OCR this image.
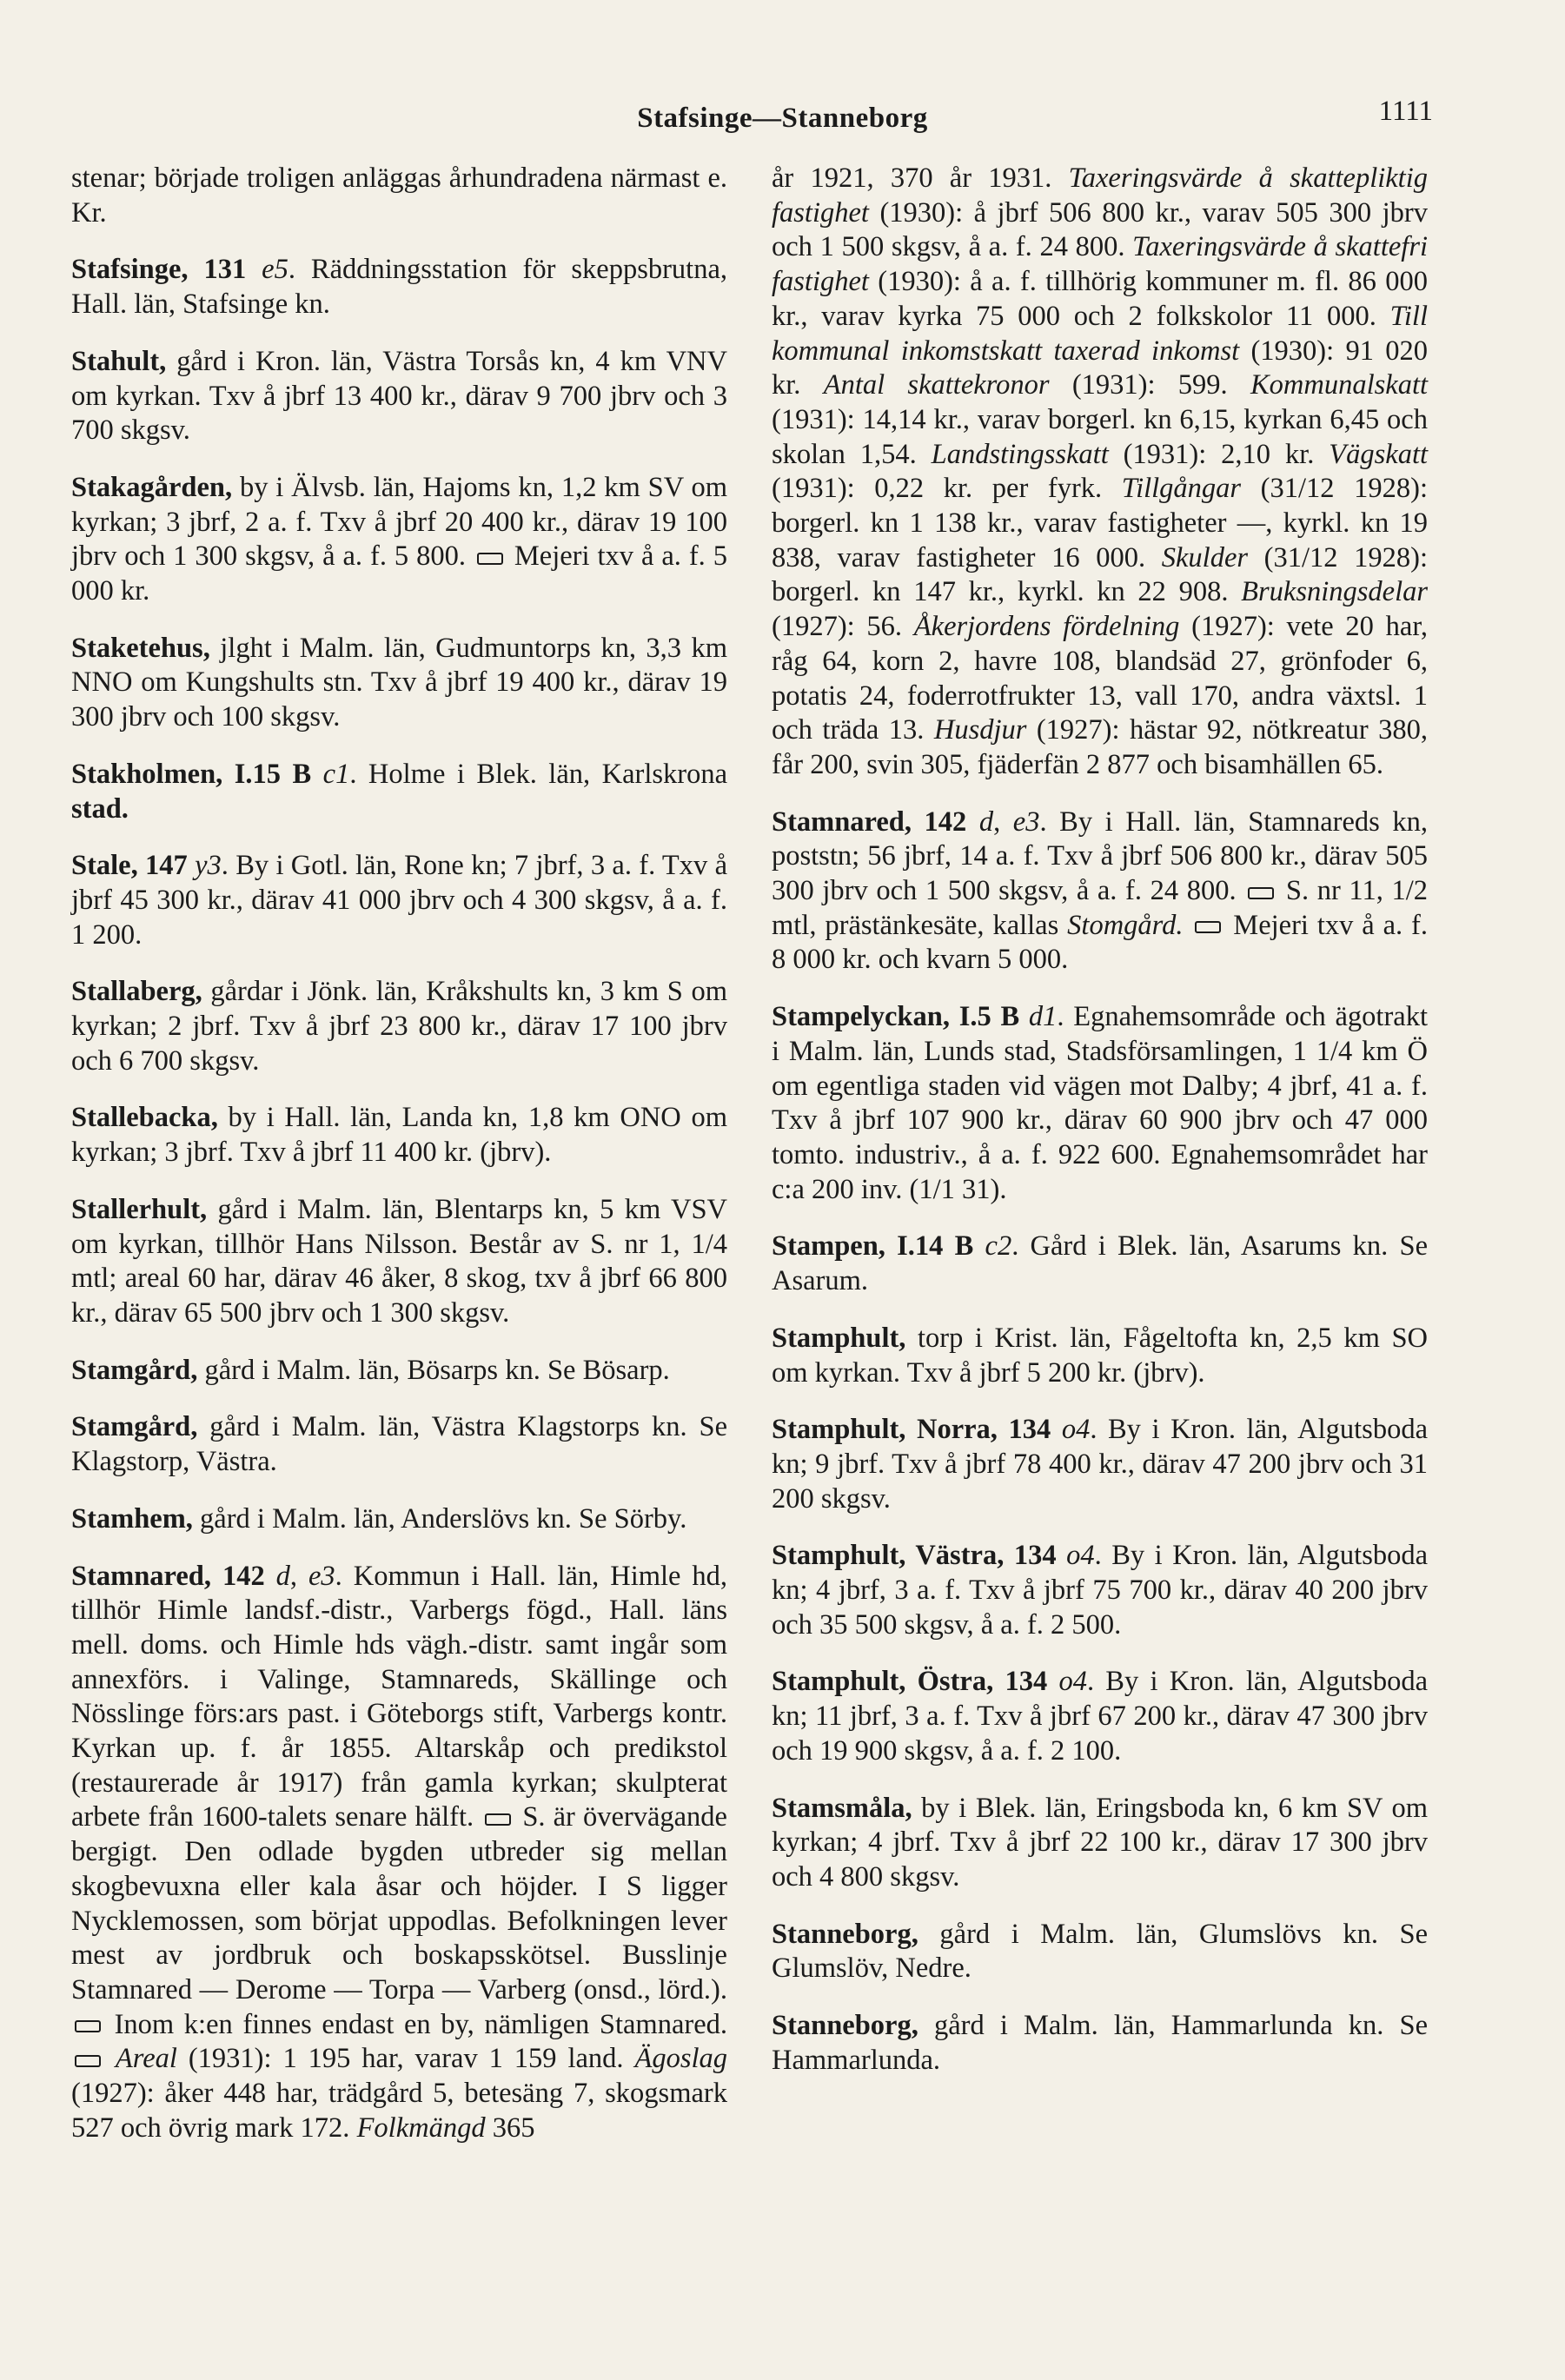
Stafsinge—Stanneborg	1111

stenar; började troligen anläggas århundradena närmast e. Kr.

Stafsinge, 131 e5. Räddningsstation för skeppsbrutna, Hall. län, Stafsinge kn.

Stahult, gård i Kron. län, Västra Torsås kn, 4 km VNV om kyrkan. Txv å jbrf 13 400 kr., därav 9 700 jbrv och 3 700 skgsv.

Stakagården, by i Älvsb. län, Hajoms kn, 1,2 km SV om kyrkan; 3 jbrf, 2 a. f. Txv å jbrf 20 400 kr., därav 19 100 jbrv och 1 300 skgsv, å a. f. 5 800.  Mejeri txv å a. f. 5 000 kr.

Staketehus, jlght i Malm. län, Gudmuntorps kn, 3,3 km NNO om Kungshults stn. Txv å jbrf 19 400 kr., därav 19 300 jbrv och 100 skgsv.

Stakholmen, I.15 B c1. Holme i Blek. län, Karlskrona stad.

Stale, 147 y3. By i Gotl. län, Rone kn; 7 jbrf, 3 a. f. Txv å jbrf 45 300 kr., därav 41 000 jbrv och 4 300 skgsv, å a. f. 1 200.

Stallaberg, gårdar i Jönk. län, Kråkshults kn, 3 km S om kyrkan; 2 jbrf. Txv å jbrf 23 800 kr., därav 17 100 jbrv och 6 700 skgsv.

Stallebacka, by i Hall. län, Landa kn, 1,8 km ONO om kyrkan; 3 jbrf. Txv å jbrf 11 400 kr. (jbrv).

Stallerhult, gård i Malm. län, Blentarps kn, 5 km VSV om kyrkan, tillhör Hans Nilsson. Består av S. nr 1, 1/4 mtl; areal 60 har, därav 46 åker, 8 skog, txv å jbrf 66 800 kr., därav 65 500 jbrv och 1 300 skgsv.

Stamgård, gård i Malm. län, Bösarps kn. Se Bösarp.

Stamgård, gård i Malm. län, Västra Klagstorps kn. Se Klagstorp, Västra.

Stamhem, gård i Malm. län, Anderslövs kn. Se Sörby.

Stamnared, 142 d, e3. Kommun i Hall. län, Himle hd, tillhör Himle landsf.-distr., Varbergs fögd., Hall. läns mell. doms. och Himle hds vägh.-distr. samt ingår som annexförs. i Valinge, Stamnareds, Skällinge och Nösslinge förs:ars past. i Göteborgs stift, Varbergs kontr. Kyrkan up. f. år 1855. Altarskåp och predikstol (restaurerade år 1917) från gamla kyrkan; skulpterat arbete från 1600-talets senare hälft.  S. är övervägande bergigt. Den odlade bygden utbreder sig mellan skogbevuxna eller kala åsar och höjder. I S ligger Nycklemossen, som börjat uppodlas. Befolkningen lever mest av jordbruk och boskapsskötsel. Busslinje Stamnared — Derome — Torpa — Varberg (onsd., lörd.).  Inom k:en finnes endast en by, nämligen Stamnared.  Areal (1931): 1 195 har, varav 1 159 land. Ägoslag (1927): åker 448 har, trädgård 5, betesäng 7, skogsmark 527 och övrig mark 172. Folkmängd 365

år 1921, 370 år 1931. Taxeringsvärde å skattepliktig fastighet (1930): å jbrf 506 800 kr., varav 505 300 jbrv och 1 500 skgsv, å a. f. 24 800. Taxeringsvärde å skattefri fastighet (1930): å a. f. tillhörig kommuner m. fl. 86 000 kr., varav kyrka 75 000 och 2 folkskolor 11 000. Till kommunal inkomstskatt taxerad inkomst (1930): 91 020 kr. Antal skattekronor (1931): 599. Kommunalskatt (1931): 14,14 kr., varav borgerl. kn 6,15, kyrkan 6,45 och skolan 1,54. Landstingsskatt (1931): 2,10 kr. Vägskatt (1931): 0,22 kr. per fyrk. Tillgångar (31/12 1928): borgerl. kn 1 138 kr., varav fastigheter —, kyrkl. kn 19 838, varav fastigheter 16 000. Skulder (31/12 1928): borgerl. kn 147 kr., kyrkl. kn 22 908. Bruksningsdelar (1927): 56. Åkerjordens fördelning (1927): vete 20 har, råg 64, korn 2, havre 108, blandsäd 27, grönfoder 6, potatis 24, foderrotfrukter 13, vall 170, andra växtsl. 1 och träda 13. Husdjur (1927): hästar 92, nötkreatur 380, får 200, svin 305, fjäderfän 2 877 och bisamhällen 65.

Stamnared, 142 d, e3. By i Hall. län, Stamnareds kn, poststn; 56 jbrf, 14 a. f. Txv å jbrf 506 800 kr., därav 505 300 jbrv och 1 500 skgsv, å a. f. 24 800.  S. nr 11, 1/2 mtl, prästänkesäte, kallas Stomgård.  Mejeri txv å a. f. 8 000 kr. och kvarn 5 000.

Stampelyckan, I.5 B d1. Egnahemsområde och ägotrakt i Malm. län, Lunds stad, Stadsförsamlingen, 1 1/4 km Ö om egentliga staden vid vägen mot Dalby; 4 jbrf, 41 a. f. Txv å jbrf 107 900 kr., därav 60 900 jbrv och 47 000 tomto. industriv., å a. f. 922 600. Egnahemsområdet har c:a 200 inv. (1/1 31).

Stampen, I.14 B c2. Gård i Blek. län, Asarums kn. Se Asarum.

Stamphult, torp i Krist. län, Fågeltofta kn, 2,5 km SO om kyrkan. Txv å jbrf 5 200 kr. (jbrv).

Stamphult, Norra, 134 o4. By i Kron. län, Algutsboda kn; 9 jbrf. Txv å jbrf 78 400 kr., därav 47 200 jbrv och 31 200 skgsv.

Stamphult, Västra, 134 o4. By i Kron. län, Algutsboda kn; 4 jbrf, 3 a. f. Txv å jbrf 75 700 kr., därav 40 200 jbrv och 35 500 skgsv, å a. f. 2 500.

Stamphult, Östra, 134 o4. By i Kron. län, Algutsboda kn; 11 jbrf, 3 a. f. Txv å jbrf 67 200 kr., därav 47 300 jbrv och 19 900 skgsv, å a. f. 2 100.

Stamsmåla, by i Blek. län, Eringsboda kn, 6 km SV om kyrkan; 4 jbrf. Txv å jbrf 22 100 kr., därav 17 300 jbrv och 4 800 skgsv.

Stanneborg, gård i Malm. län, Glumslövs kn. Se Glumslöv, Nedre.

Stanneborg, gård i Malm. län, Hammarlunda kn. Se Hammarlunda.
